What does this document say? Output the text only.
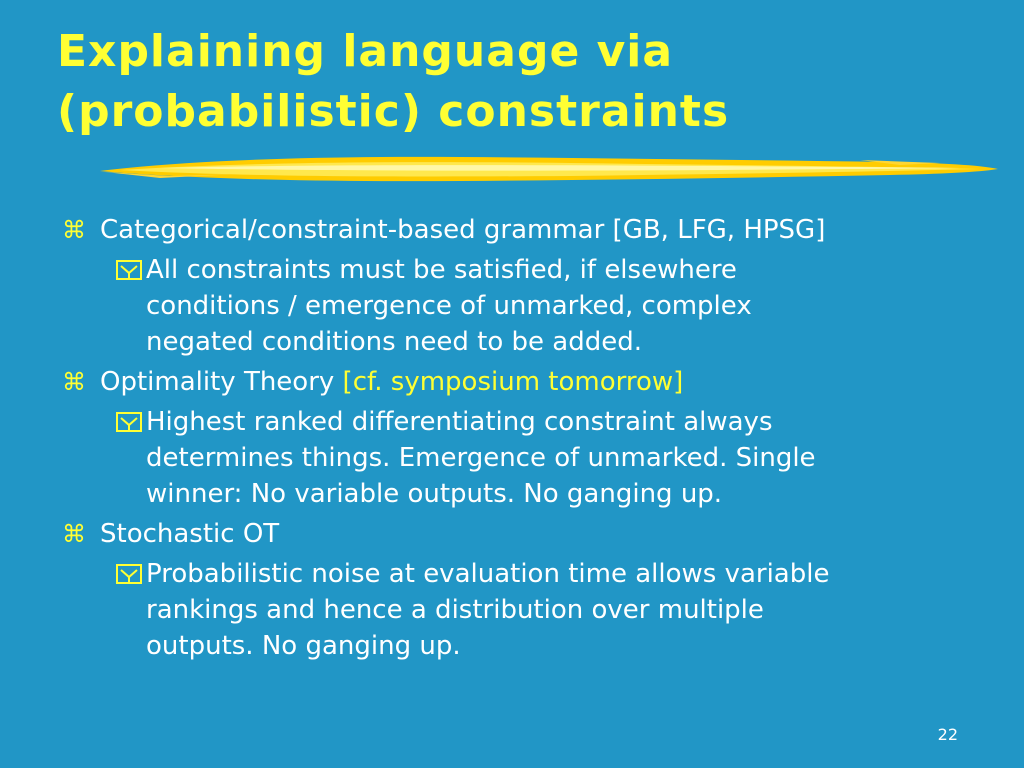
Explaining language via
(probabilistic) constraints
⌘ Categorical/constraint-based grammar [GB, LFG, HPSG]
All constraints must be satisfied, if elsewhere
conditions / emergence of unmarked, complex
negated conditions need to be added.
⌘ Optimality Theory [cf. symposium tomorrow]
Highest ranked differentiating constraint always
determines things. Emergence of unmarked. Single
winner: No variable outputs. No ganging up.
⌘ Stochastic OT
Probabilistic noise at evaluation time allows variable
rankings and hence a distribution over multiple
outputs. No ganging up.
22
